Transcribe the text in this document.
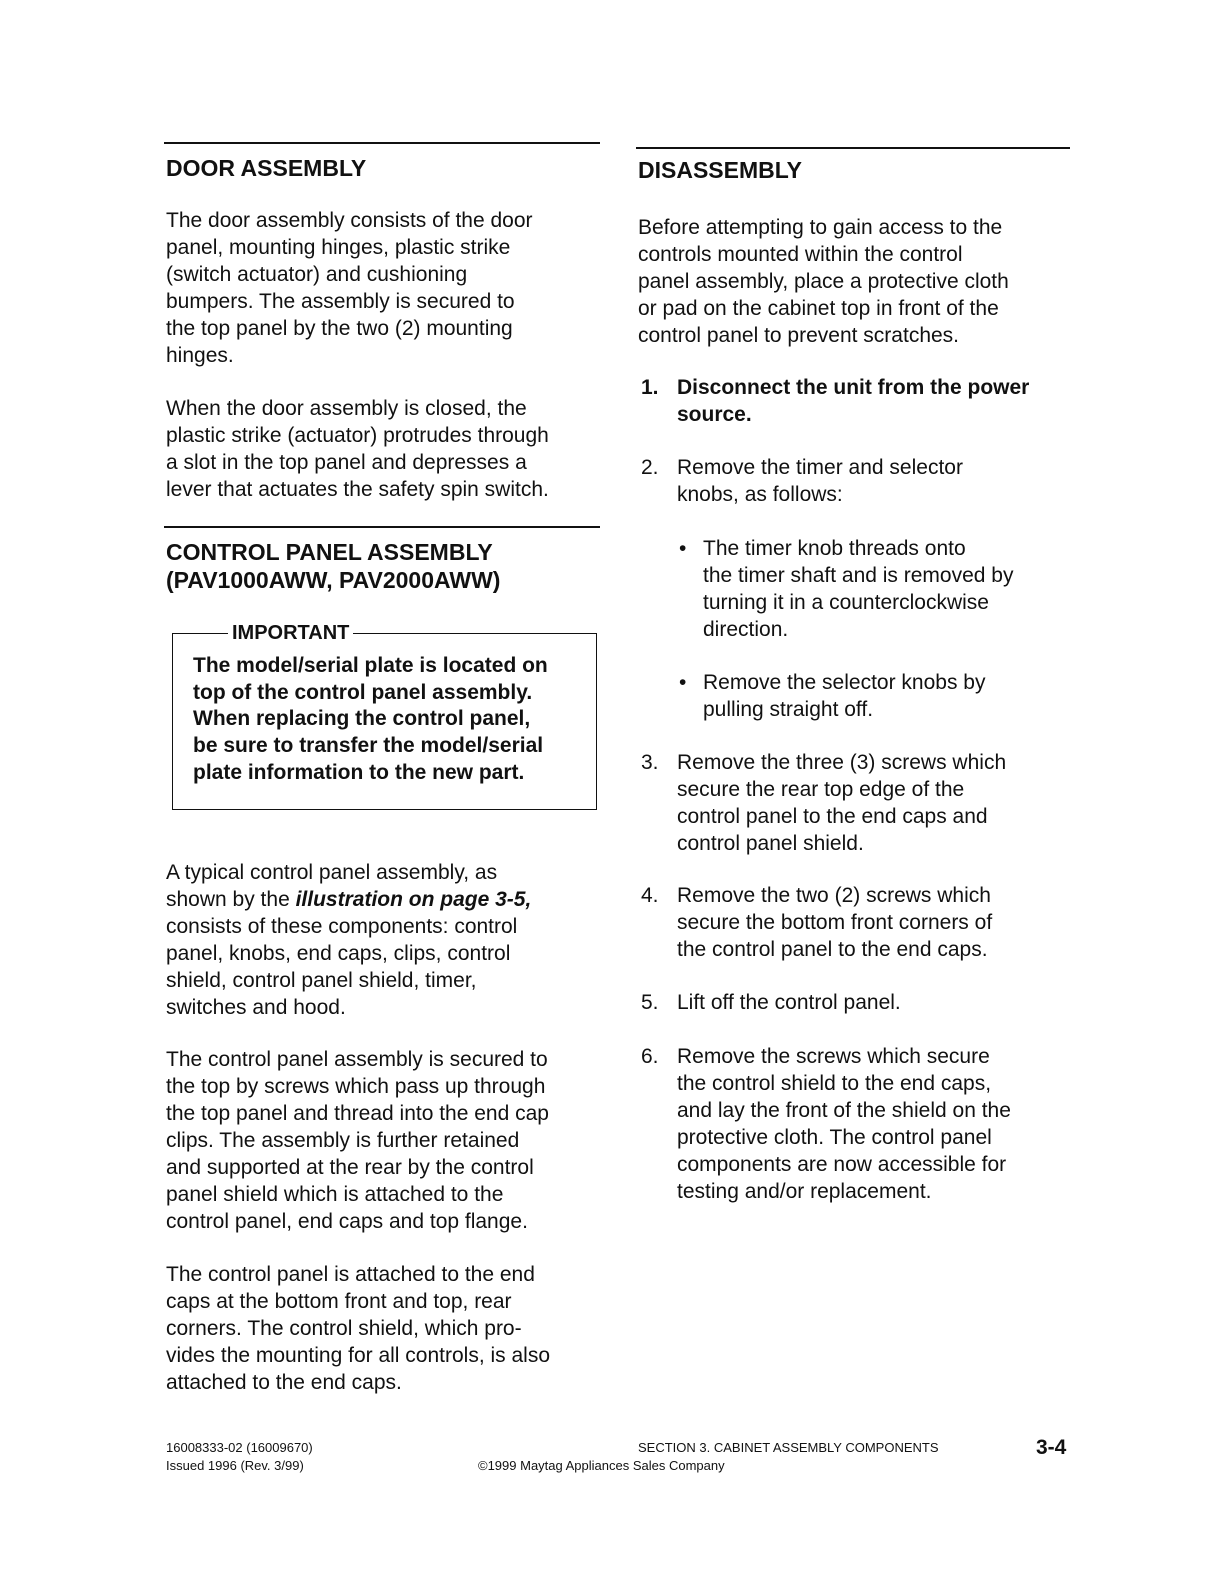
DOOR ASSEMBLY
The door assembly consists of the door
panel, mounting hinges, plastic strike
(switch actuator) and cushioning
bumpers. The assembly is secured to
the top panel by the two (2) mounting
hinges.
When the door assembly is closed, the
plastic strike (actuator) protrudes through
a slot in the top panel and depresses a
lever that actuates the safety spin switch.
CONTROL PANEL ASSEMBLY
(PAV1000AWW, PAV2000AWW)
IMPORTANT
The model/serial plate is located on
top of the control panel assembly.
When replacing the control panel,
be sure to transfer the model/serial
plate information to the new part.
A typical control panel assembly, as
shown by the illustration on page 3-5,
consists of these components: control
panel, knobs, end caps, clips, control
shield, control panel shield, timer,
switches and hood.
The control panel assembly is secured to
the top by screws which pass up through
the top panel and thread into the end cap
clips. The assembly is further retained
and supported at the rear by the control
panel shield which is attached to the
control panel, end caps and top flange.
The control panel is attached to the end
caps at the bottom front and top, rear
corners. The control shield, which pro-
vides the mounting for all controls, is also
attached to the end caps.
DISASSEMBLY
Before attempting to gain access to the
controls mounted within the control
panel assembly, place a protective cloth
or pad on the cabinet top in front of the
control panel to prevent scratches.
1. Disconnect the unit from the power
source.
2. Remove the timer and selector
knobs, as follows:
3. Remove the three (3) screws which
secure the rear top edge of the
control panel to the end caps and
control panel shield.
4. Remove the two (2) screws which
secure the bottom front corners of
the control panel to the end caps.
5. Lift off the control panel.
6. Remove the screws which secure
the control shield to the end caps,
and lay the front of the shield on the
protective cloth. The control panel
components are now accessible for
testing and/or replacement.
• The timer knob threads onto
the timer shaft and is removed by
turning it in a counterclockwise
direction.
• Remove the selector knobs by
pulling straight off.
16008333-02 (16009670)
Issued 1996 (Rev. 3/99)
SECTION 3. CABINET ASSEMBLY COMPONENTS
©1999 Maytag Appliances Sales Company
3-4
